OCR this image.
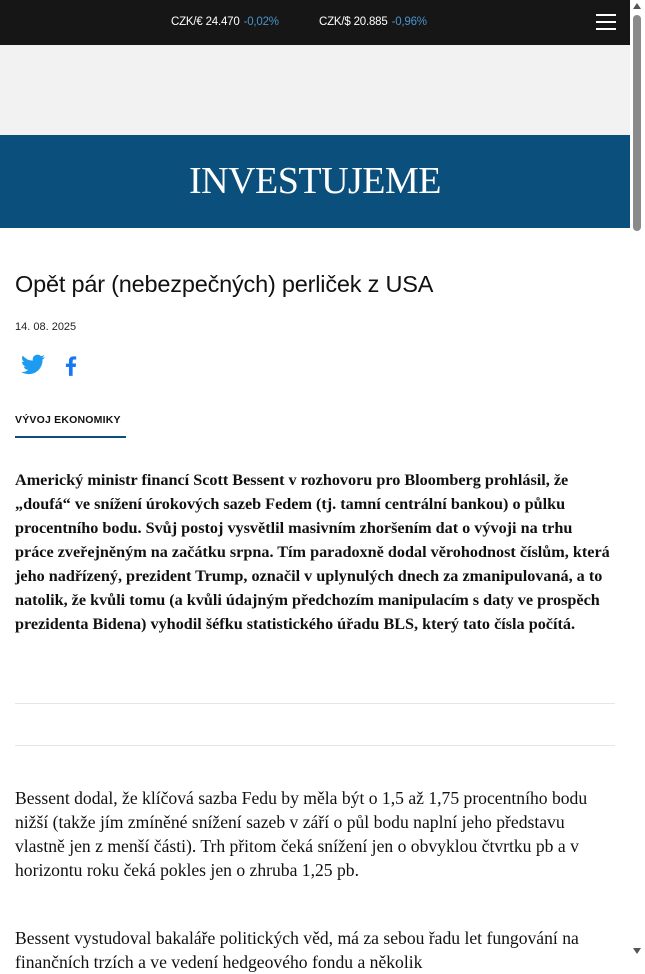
CZK/€ 24.470 -0,02%	CZK/$ 20.885 -0,96%
INVESTUJEME
Opět pár (nebezpečných) perliček z USA
14. 08. 2025
VÝVOJ EKONOMIKY

Americký ministr financí Scott Bessent v rozhovoru pro Bloomberg prohlásil, že „doufá“ ve snížení úrokových sazeb Fedem (tj. tamní centrální bankou) o půlku procentního bodu. Svůj postoj vysvětlil masivním zhoršením dat o vývoji na trhu práce zveřejněným na začátku srpna. Tím paradoxně dodal věrohodnost číslům, která jeho nadřízený, prezident Trump, označil v uplynulých dnech za zmanipulovaná, a to natolik, že kvůli tomu (a kvůli údajným předchozím manipulacím s daty ve prospěch prezidenta Bidena) vyhodil šéfku statistického úřadu BLS, který tato čísla počítá.

Bessent dodal, že klíčová sazba Fedu by měla být o 1,5 až 1,75 procentního bodu nižší (takže jím zmíněné snížení sazeb v září o půl bodu naplní jeho představu vlastně jen z menší části). Trh přitom čeká snížení jen o obvyklou čtvrtku pb a v horizontu roku čeká pokles jen o zhruba 1,25 pb.

Bessent vystudoval bakaláře politických věd, má za sebou řadu let fungování na finančních trzích a ve vedení hedgeového fondu a několik
